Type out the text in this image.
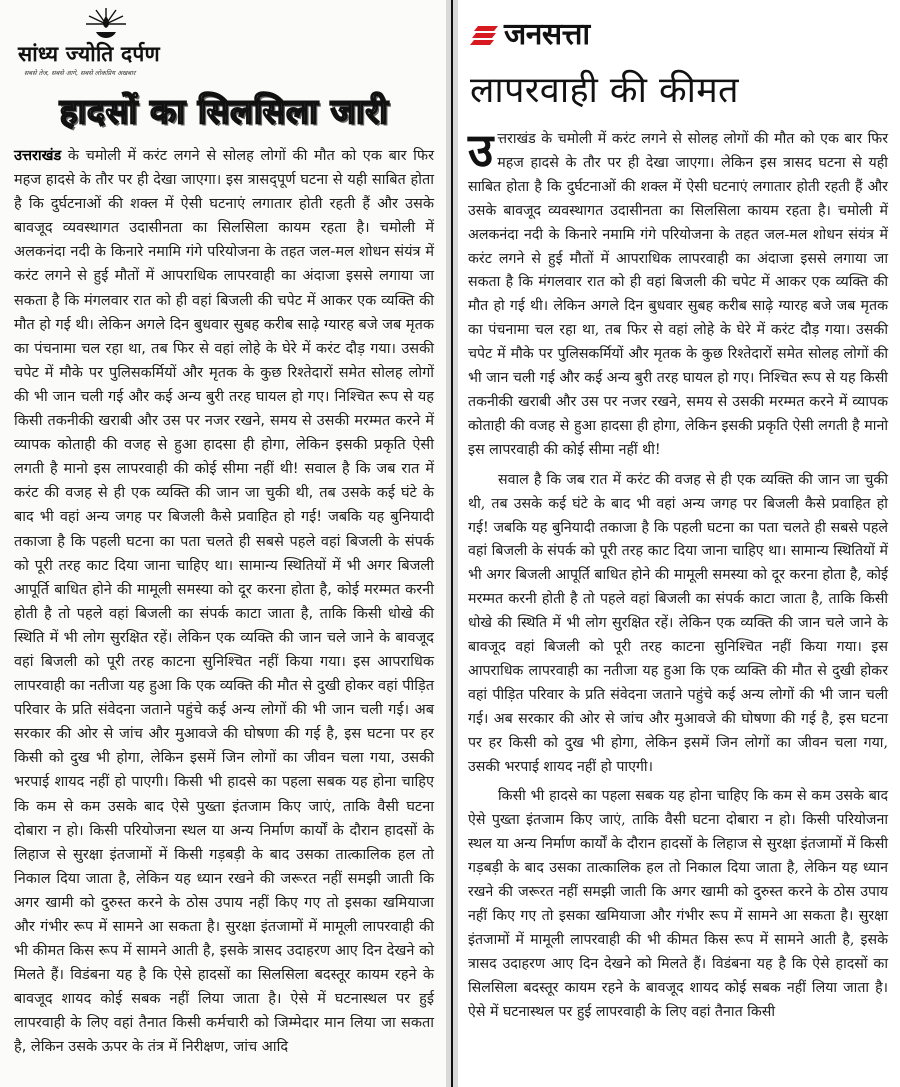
सांध्य ज्योति दर्पण
सबसे तेज, सबसे आगे, सबसे लोकप्रिय अखबार
हादसों का सिलसिला जारी
उत्तराखंड के चमोली में करंट लगने से सोलह लोगों की मौत को एक बार फिर महज हादसे के तौर पर ही देखा जाएगा। इस त्रासद्पूर्ण घटना से यही साबित होता है कि दुर्घटनाओं की शक्ल में ऐसी घटनाएं लगातार होती रहती हैं और उसके बावजूद व्यवस्थागत उदासीनता का सिलसिला कायम रहता है। चमोली में अलकनंदा नदी के किनारे नमामि गंगे परियोजना के तहत जल-मल शोधन संयंत्र में करंट लगने से हुई मौतों में आपराधिक लापरवाही का अंदाजा इससे लगाया जा सकता है कि मंगलवार रात को ही वहां बिजली की चपेट में आकर एक व्यक्ति की मौत हो गई थी। लेकिन अगले दिन बुधवार सुबह करीब साढ़े ग्यारह बजे जब मृतक का पंचनामा चल रहा था, तब फिर से वहां लोहे के घेरे में करंट दौड़ गया। उसकी चपेट में मौके पर पुलिसकर्मियों और मृतक के कुछ रिश्तेदारों समेत सोलह लोगों की भी जान चली गई और कई अन्य बुरी तरह घायल हो गए। निश्चित रूप से यह किसी तकनीकी खराबी और उस पर नजर रखने, समय से उसकी मरम्मत करने में व्यापक कोताही की वजह से हुआ हादसा ही होगा, लेकिन इसकी प्रकृति ऐसी लगती है मानो इस लापरवाही की कोई सीमा नहीं थी! सवाल है कि जब रात में करंट की वजह से ही एक व्यक्ति की जान जा चुकी थी, तब उसके कई घंटे के बाद भी वहां अन्य जगह पर बिजली कैसे प्रवाहित हो गई! जबकि यह बुनियादी तकाजा है कि पहली घटना का पता चलते ही सबसे पहले वहां बिजली के संपर्क को पूरी तरह काट दिया जाना चाहिए था। सामान्य स्थितियों में भी अगर बिजली आपूर्ति बाधित होने की मामूली समस्या को दूर करना होता है, कोई मरम्मत करनी होती है तो पहले वहां बिजली का संपर्क काटा जाता है, ताकि किसी धोखे की स्थिति में भी लोग सुरक्षित रहें। लेकिन एक व्यक्ति की जान चले जाने के बावजूद वहां बिजली को पूरी तरह काटना सुनिश्चित नहीं किया गया। इस आपराधिक लापरवाही का नतीजा यह हुआ कि एक व्यक्ति की मौत से दुखी होकर वहां पीड़ित परिवार के प्रति संवेदना जताने पहुंचे कई अन्य लोगों की भी जान चली गई। अब सरकार की ओर से जांच और मुआवजे की घोषणा की गई है, इस घटना पर हर किसी को दुख भी होगा, लेकिन इसमें जिन लोगों का जीवन चला गया, उसकी भरपाई शायद नहीं हो पाएगी। किसी भी हादसे का पहला सबक यह होना चाहिए कि कम से कम उसके बाद ऐसे पुख्ता इंतजाम किए जाएं, ताकि वैसी घटना दोबारा न हो। किसी परियोजना स्थल या अन्य निर्माण कार्यों के दौरान हादसों के लिहाज से सुरक्षा इंतजामों में किसी गड़बड़ी के बाद उसका तात्कालिक हल तो निकाल दिया जाता है, लेकिन यह ध्यान रखने की जरूरत नहीं समझी जाती कि अगर खामी को दुरुस्त करने के ठोस उपाय नहीं किए गए तो इसका खमियाजा और गंभीर रूप में सामने आ सकता है। सुरक्षा इंतजामों में मामूली लापरवाही की भी कीमत किस रूप में सामने आती है, इसके त्रासद उदाहरण आए दिन देखने को मिलते हैं। विडंबना यह है कि ऐसे हादसों का सिलसिला बदस्तूर कायम रहने के बावजूद शायद कोई सबक नहीं लिया जाता है। ऐसे में घटनास्थल पर हुई लापरवाही के लिए वहां तैनात किसी कर्मचारी को जिम्मेदार मान लिया जा सकता है, लेकिन उसके ऊपर के तंत्र में निरीक्षण, जांच आदि
जनसत्ता
लापरवाही की कीमत

उत्तराखंड के चमोली में करंट लगने से सोलह लोगों की मौत को एक बार फिर महज हादसे के तौर पर ही देखा जाएगा। लेकिन इस त्रासद घटना से यही साबित होता है कि दुर्घटनाओं की शक्ल में ऐसी घटनाएं लगातार होती रहती हैं और उसके बावजूद व्यवस्थागत उदासीनता का सिलसिला कायम रहता है। चमोली में अलकनंदा नदी के किनारे नमामि गंगे परियोजना के तहत जल-मल शोधन संयंत्र में करंट लगने से हुई मौतों में आपराधिक लापरवाही का अंदाजा इससे लगाया जा सकता है कि मंगलवार रात को ही वहां बिजली की चपेट में आकर एक व्यक्ति की मौत हो गई थी। लेकिन अगले दिन बुधवार सुबह करीब साढ़े ग्यारह बजे जब मृतक का पंचनामा चल रहा था, तब फिर से वहां लोहे के घेरे में करंट दौड़ गया। उसकी चपेट में मौके पर पुलिसकर्मियों और मृतक के कुछ रिश्तेदारों समेत सोलह लोगों की भी जान चली गई और कई अन्य बुरी तरह घायल हो गए। निश्चित रूप से यह किसी तकनीकी खराबी और उस पर नजर रखने, समय से उसकी मरम्मत करने में व्यापक कोताही की वजह से हुआ हादसा ही होगा, लेकिन इसकी प्रकृति ऐसी लगती है मानो इस लापरवाही की कोई सीमा नहीं थी!

सवाल है कि जब रात में करंट की वजह से ही एक व्यक्ति की जान जा चुकी थी, तब उसके कई घंटे के बाद भी वहां अन्य जगह पर बिजली कैसे प्रवाहित हो गई! जबकि यह बुनियादी तकाजा है कि पहली घटना का पता चलते ही सबसे पहले वहां बिजली के संपर्क को पूरी तरह काट दिया जाना चाहिए था। सामान्य स्थितियों में भी अगर बिजली आपूर्ति बाधित होने की मामूली समस्या को दूर करना होता है, कोई मरम्मत करनी होती है तो पहले वहां बिजली का संपर्क काटा जाता है, ताकि किसी धोखे की स्थिति में भी लोग सुरक्षित रहें। लेकिन एक व्यक्ति की जान चले जाने के बावजूद वहां बिजली को पूरी तरह काटना सुनिश्चित नहीं किया गया। इस आपराधिक लापरवाही का नतीजा यह हुआ कि एक व्यक्ति की मौत से दुखी होकर वहां पीड़ित परिवार के प्रति संवेदना जताने पहुंचे कई अन्य लोगों की भी जान चली गई। अब सरकार की ओर से जांच और मुआवजे की घोषणा की गई है, इस घटना पर हर किसी को दुख भी होगा, लेकिन इसमें जिन लोगों का जीवन चला गया, उसकी भरपाई शायद नहीं हो पाएगी।

किसी भी हादसे का पहला सबक यह होना चाहिए कि कम से कम उसके बाद ऐसे पुख्ता इंतजाम किए जाएं, ताकि वैसी घटना दोबारा न हो। किसी परियोजना स्थल या अन्य निर्माण कार्यों के दौरान हादसों के लिहाज से सुरक्षा इंतजामों में किसी गड़बड़ी के बाद उसका तात्कालिक हल तो निकाल दिया जाता है, लेकिन यह ध्यान रखने की जरूरत नहीं समझी जाती कि अगर खामी को दुरुस्त करने के ठोस उपाय नहीं किए गए तो इसका खमियाजा और गंभीर रूप में सामने आ सकता है। सुरक्षा इंतजामों में मामूली लापरवाही की भी कीमत किस रूप में सामने आती है, इसके त्रासद उदाहरण आए दिन देखने को मिलते हैं। विडंबना यह है कि ऐसे हादसों का सिलसिला बदस्तूर कायम रहने के बावजूद शायद कोई सबक नहीं लिया जाता है। ऐसे में घटनास्थल पर हुई लापरवाही के लिए वहां तैनात किसी
